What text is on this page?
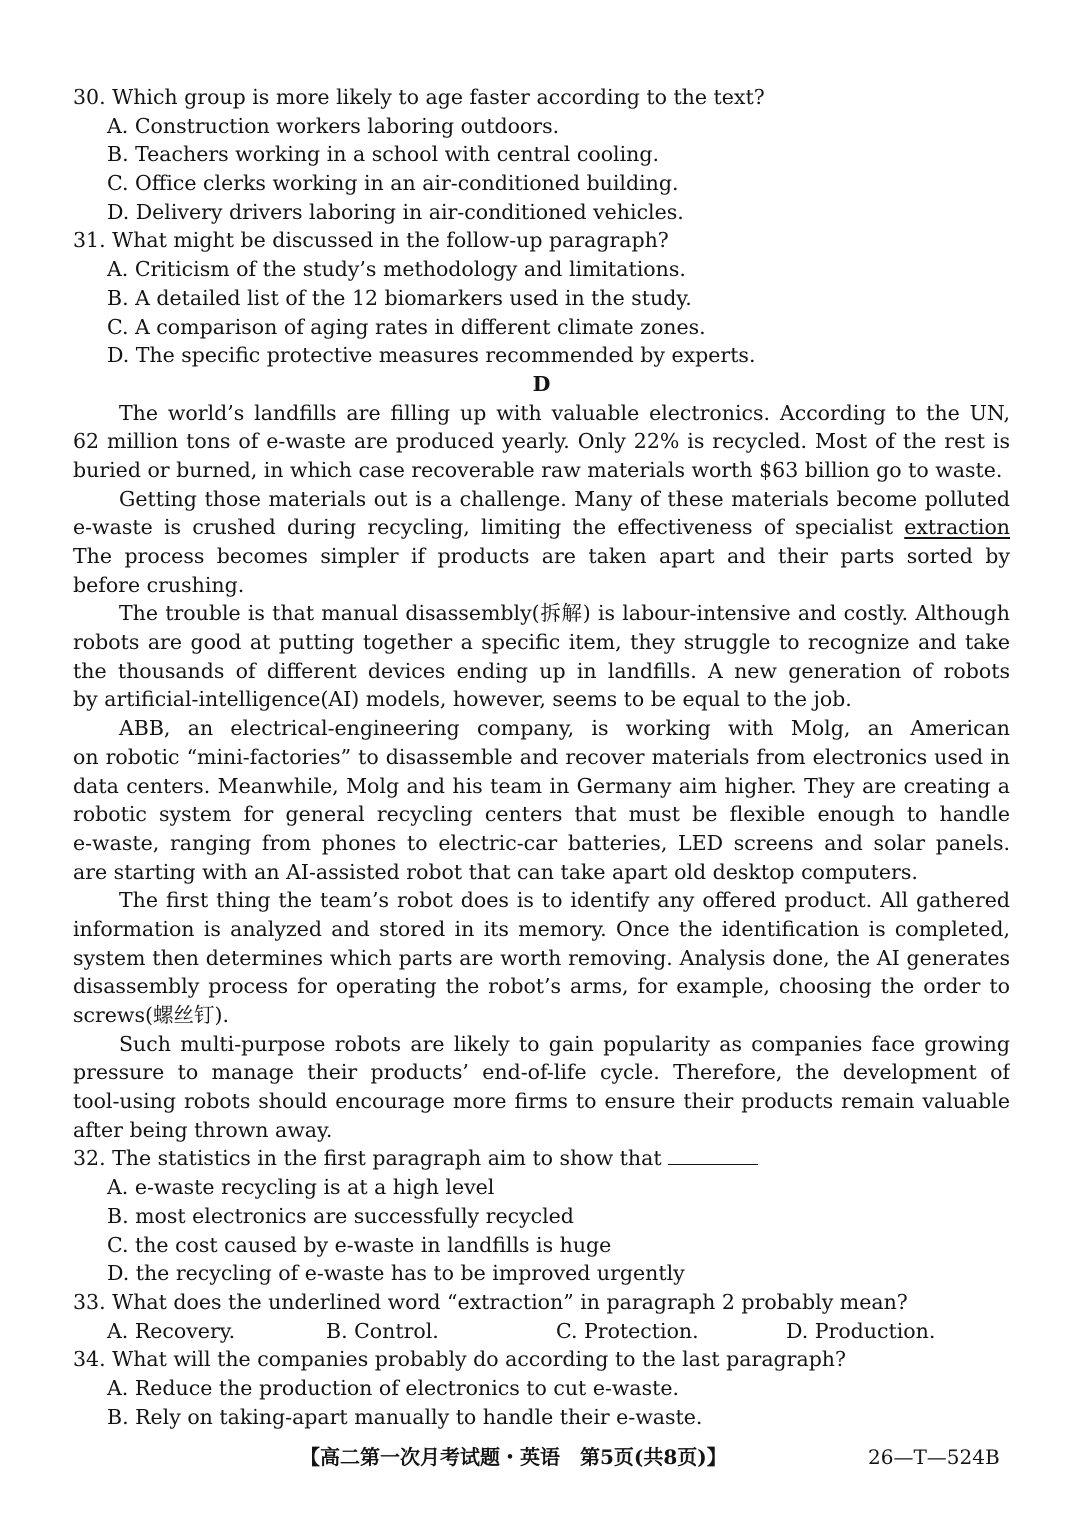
30. Which group is more likely to age faster according to the text?
A. Construction workers laboring outdoors.
B. Teachers working in a school with central cooling.
C. Office clerks working in an air-conditioned building.
D. Delivery drivers laboring in air-conditioned vehicles.
31. What might be discussed in the follow-up paragraph?
A. Criticism of the study’s methodology and limitations.
B. A detailed list of the 12 biomarkers used in the study.
C. A comparison of aging rates in different climate zones.
D. The specific protective measures recommended by experts.
D
The world’s landfills are filling up with valuable electronics. According to the UN,
62 million tons of e-waste are produced yearly. Only 22% is recycled. Most of the rest is
buried or burned, in which case recoverable raw materials worth $63 billion go to waste.
Getting those materials out is a challenge. Many of these materials become polluted
e-waste is crushed during recycling, limiting the effectiveness of specialist extraction
The process becomes simpler if products are taken apart and their parts sorted by
before crushing.
The trouble is that manual disassembly(拆解) is labour-intensive and costly. Although
robots are good at putting together a specific item, they struggle to recognize and take
the thousands of different devices ending up in landfills. A new generation of robots
by artificial-intelligence(AI) models, however, seems to be equal to the job.
ABB, an electrical-engineering company, is working with Molg, an American
on robotic “mini-factories” to disassemble and recover materials from electronics used in
data centers. Meanwhile, Molg and his team in Germany aim higher. They are creating a
robotic system for general recycling centers that must be flexible enough to handle
e-waste, ranging from phones to electric-car batteries, LED screens and solar panels.
are starting with an AI-assisted robot that can take apart old desktop computers.
The first thing the team’s robot does is to identify any offered product. All gathered
information is analyzed and stored in its memory. Once the identification is completed,
system then determines which parts are worth removing. Analysis done, the AI generates
disassembly process for operating the robot’s arms, for example, choosing the order to
screws(螺丝钉).
Such multi-purpose robots are likely to gain popularity as companies face growing
pressure to manage their products’ end-of-life cycle. Therefore, the development of
tool-using robots should encourage more firms to ensure their products remain valuable
after being thrown away.
32. The statistics in the first paragraph aim to show that
A. e-waste recycling is at a high level
B. most electronics are successfully recycled
C. the cost caused by e-waste in landfills is huge
D. the recycling of e-waste has to be improved urgently
33. What does the underlined word “extraction” in paragraph 2 probably mean?
A. Recovery.	B. Control.	C. Protection.	D. Production.
34. What will the companies probably do according to the last paragraph?
A. Reduce the production of electronics to cut e-waste.
B. Rely on taking-apart manually to handle their e-waste.
【高二第一次月考试题・英语　第5页(共8页)】	26—T—524B
